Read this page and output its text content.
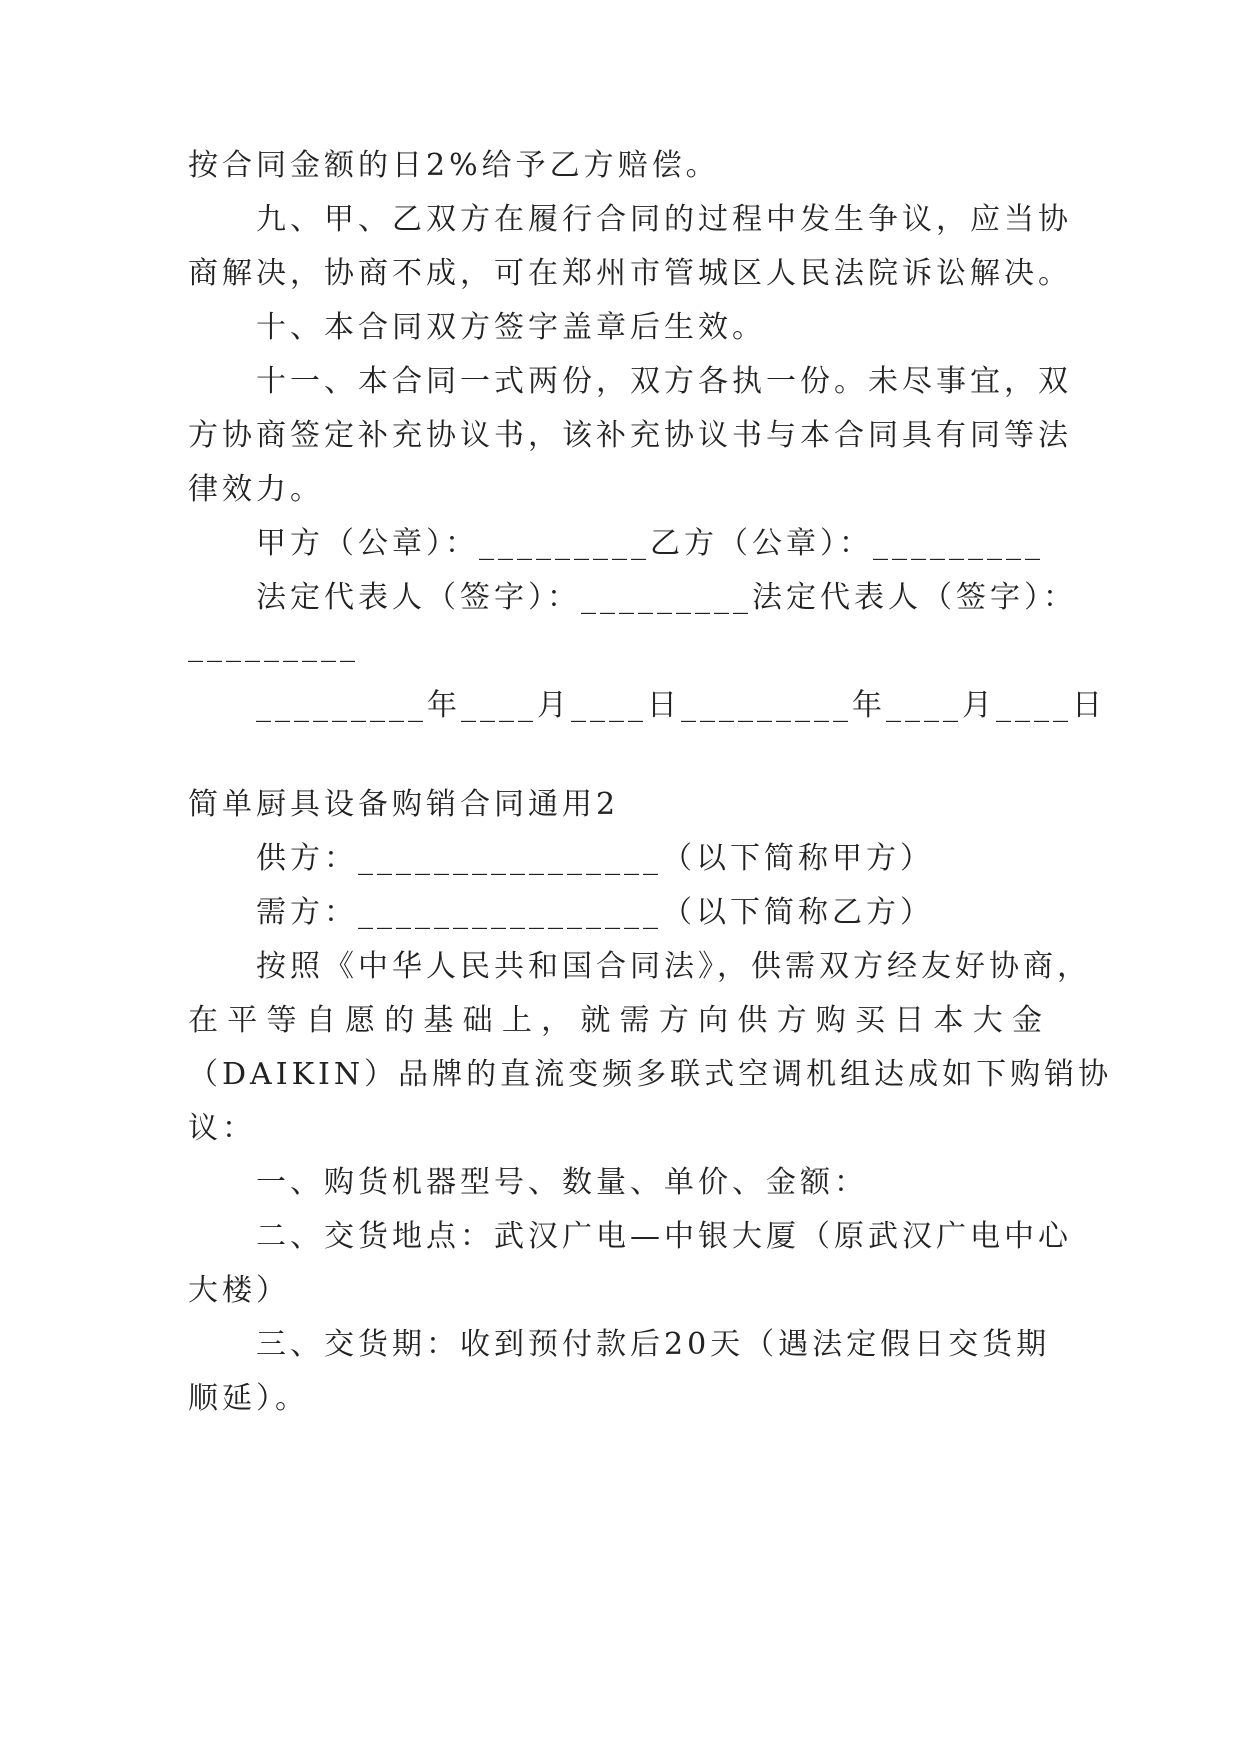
按合同金额的日2%给予乙方赔偿。
九、甲、乙双方在履行合同的过程中发生争议，应当协
商解决，协商不成，可在郑州市管城区人民法院诉讼解决。
十、本合同双方签字盖章后生效。
十一、本合同一式两份，双方各执一份。未尽事宜，双
方协商签定补充协议书，该补充协议书与本合同具有同等法
律效力。
甲方（公章）：_________乙方（公章）：_________
法定代表人（签字）：_________法定代表人（签字）：
_________
_________年____月____日_________年____月____日
简单厨具设备购销合同通用2
供方：________________（以下简称甲方）
需方：________________（以下简称乙方）
按照《中华人民共和国合同法》，供需双方经友好协商，
在平等自愿的基础上，就需方向供方购买日本大金
（DAIKIN）品牌的直流变频多联式空调机组达成如下购销协
议：
一、购货机器型号、数量、单价、金额：
二、交货地点：武汉广电—中银大厦（原武汉广电中心
大楼）
三、交货期：收到预付款后20天（遇法定假日交货期
顺延）。
